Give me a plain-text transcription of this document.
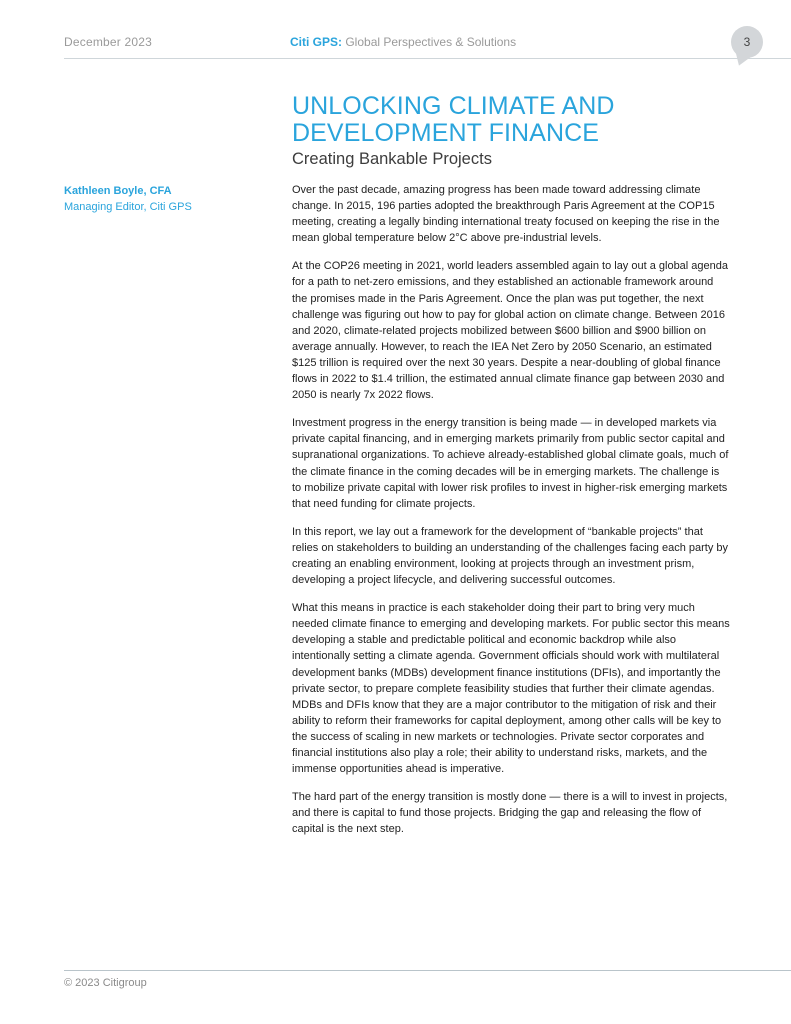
December 2023	Citi GPS: Global Perspectives & Solutions	3
UNLOCKING CLIMATE AND DEVELOPMENT FINANCE
Creating Bankable Projects
Kathleen Boyle, CFA
Managing Editor, Citi GPS

Over the past decade, amazing progress has been made toward addressing climate change. In 2015, 196 parties adopted the breakthrough Paris Agreement at the COP15 meeting, creating a legally binding international treaty focused on keeping the rise in the mean global temperature below 2°C above pre-industrial levels.

At the COP26 meeting in 2021, world leaders assembled again to lay out a global agenda for a path to net-zero emissions, and they established an actionable framework around the promises made in the Paris Agreement. Once the plan was put together, the next challenge was figuring out how to pay for global action on climate change. Between 2016 and 2020, climate-related projects mobilized between $600 billion and $900 billion on average annually. However, to reach the IEA Net Zero by 2050 Scenario, an estimated $125 trillion is required over the next 30 years. Despite a near-doubling of global finance flows in 2022 to $1.4 trillion, the estimated annual climate finance gap between 2030 and 2050 is nearly 7x 2022 flows.

Investment progress in the energy transition is being made — in developed markets via private capital financing, and in emerging markets primarily from public sector capital and supranational organizations. To achieve already-established global climate goals, much of the climate finance in the coming decades will be in emerging markets. The challenge is to mobilize private capital with lower risk profiles to invest in higher-risk emerging markets that need funding for climate projects.

In this report, we lay out a framework for the development of “bankable projects” that relies on stakeholders to building an understanding of the challenges facing each party by creating an enabling environment, looking at projects through an investment prism, developing a project lifecycle, and delivering successful outcomes.

What this means in practice is each stakeholder doing their part to bring very much needed climate finance to emerging and developing markets. For public sector this means developing a stable and predictable political and economic backdrop while also intentionally setting a climate agenda. Government officials should work with multilateral development banks (MDBs) development finance institutions (DFIs), and importantly the private sector, to prepare complete feasibility studies that further their climate agendas. MDBs and DFIs know that they are a major contributor to the mitigation of risk and their ability to reform their frameworks for capital deployment, among other calls will be key to the success of scaling in new markets or technologies. Private sector corporates and financial institutions also play a role; their ability to understand risks, markets, and the immense opportunities ahead is imperative.

The hard part of the energy transition is mostly done — there is a will to invest in projects, and there is capital to fund those projects. Bridging the gap and releasing the flow of capital is the next step.

© 2023 Citigroup
